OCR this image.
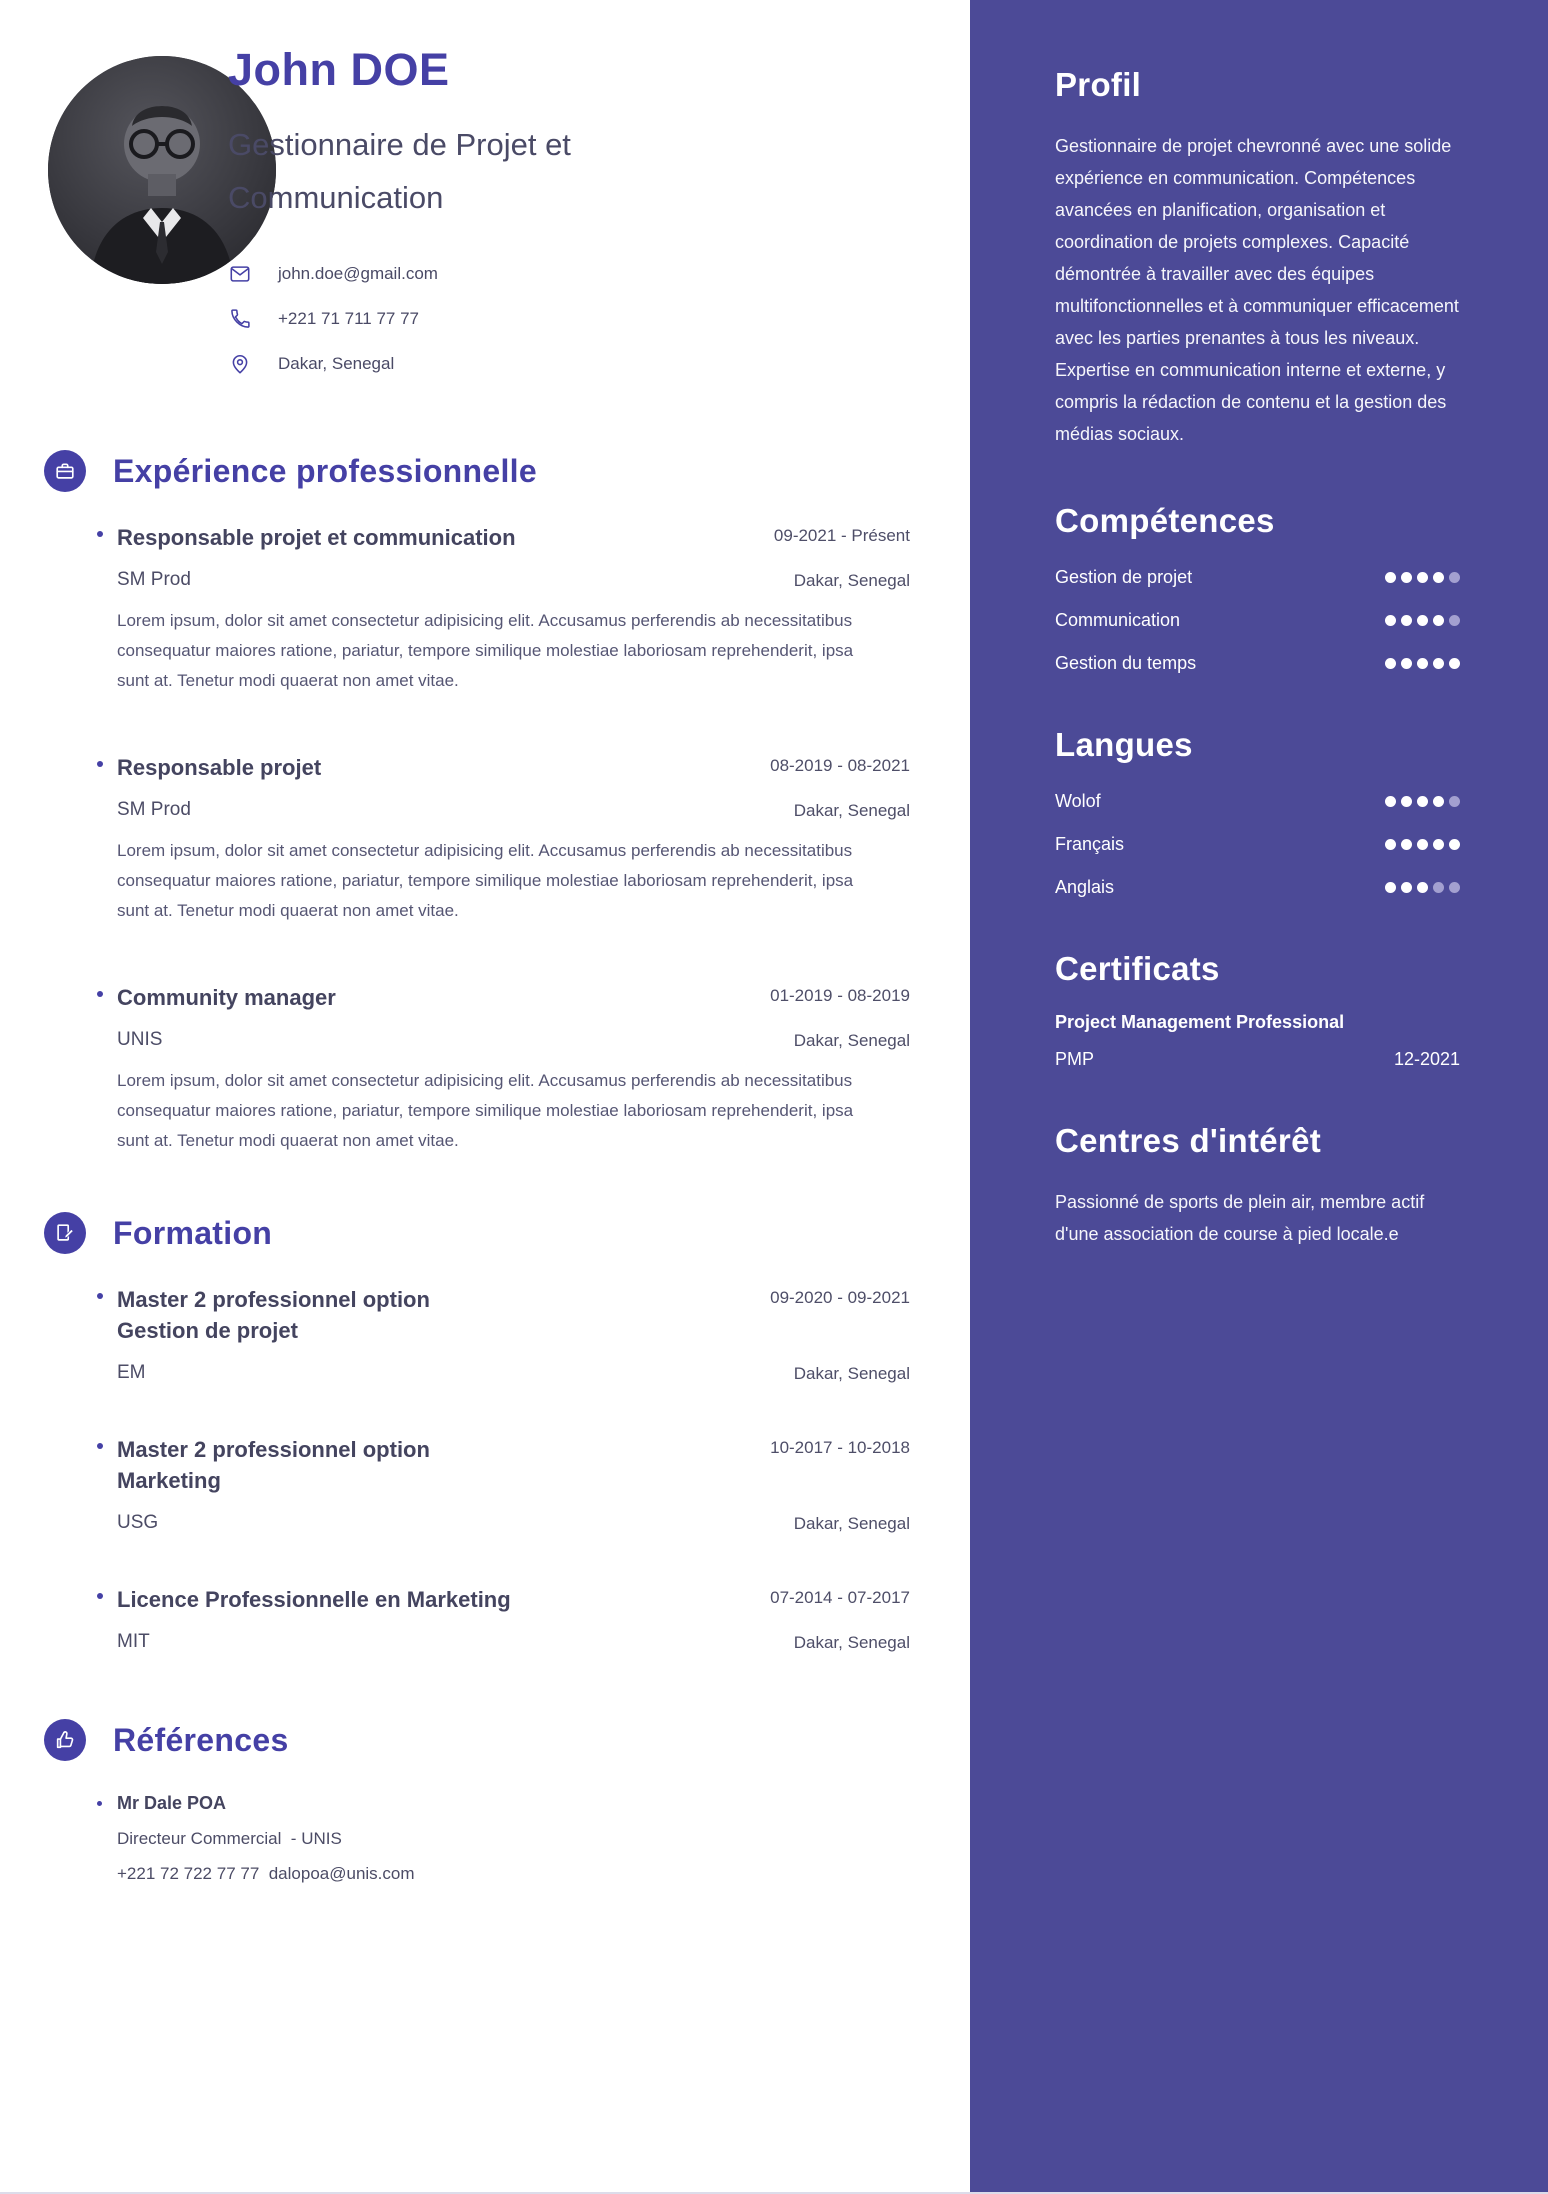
John DOE
Gestionnaire de Projet et Communication
john.doe@gmail.com
+221 71 711 77 77
Dakar, Senegal
Expérience professionnelle
Responsable projet et communication	09-2021 - Présent
SM Prod	Dakar, Senegal
Lorem ipsum, dolor sit amet consectetur adipisicing elit. Accusamus perferendis ab necessitatibus consequatur maiores ratione, pariatur, tempore similique molestiae laboriosam reprehenderit, ipsa sunt at. Tenetur modi quaerat non amet vitae.
Responsable projet	08-2019 - 08-2021
SM Prod	Dakar, Senegal
Lorem ipsum, dolor sit amet consectetur adipisicing elit. Accusamus perferendis ab necessitatibus consequatur maiores ratione, pariatur, tempore similique molestiae laboriosam reprehenderit, ipsa sunt at. Tenetur modi quaerat non amet vitae.
Community manager	01-2019 - 08-2019
UNIS	Dakar, Senegal
Lorem ipsum, dolor sit amet consectetur adipisicing elit. Accusamus perferendis ab necessitatibus consequatur maiores ratione, pariatur, tempore similique molestiae laboriosam reprehenderit, ipsa sunt at. Tenetur modi quaerat non amet vitae.
Formation
Master 2 professionnel option Gestion de projet
09-2020 - 09-2021
EM	Dakar, Senegal
Master 2 professionnel option Marketing
10-2017 - 10-2018
USG	Dakar, Senegal
Licence Professionnelle en Marketing	07-2014 - 07-2017
MIT	Dakar, Senegal
Références
Mr Dale POA
Directeur Commercial  - UNIS
+221 72 722 77 77  dalopoa@unis.com
Profil
Gestionnaire de projet chevronné avec une solide expérience en communication. Compétences avancées en planification, organisation et coordination de projets complexes. Capacité démontrée à travailler avec des équipes multifonctionnelles et à communiquer efficacement avec les parties prenantes à tous les niveaux. Expertise en communication interne et externe, y compris la rédaction de contenu et la gestion des médias sociaux.
Compétences
Gestion de projet
Communication
Gestion du temps
Langues
Wolof
Français
Anglais
Certificats
Project Management Professional
PMP	12-2021
Centres d'intérêt
Passionné de sports de plein air, membre actif d'une association de course à pied locale.e
